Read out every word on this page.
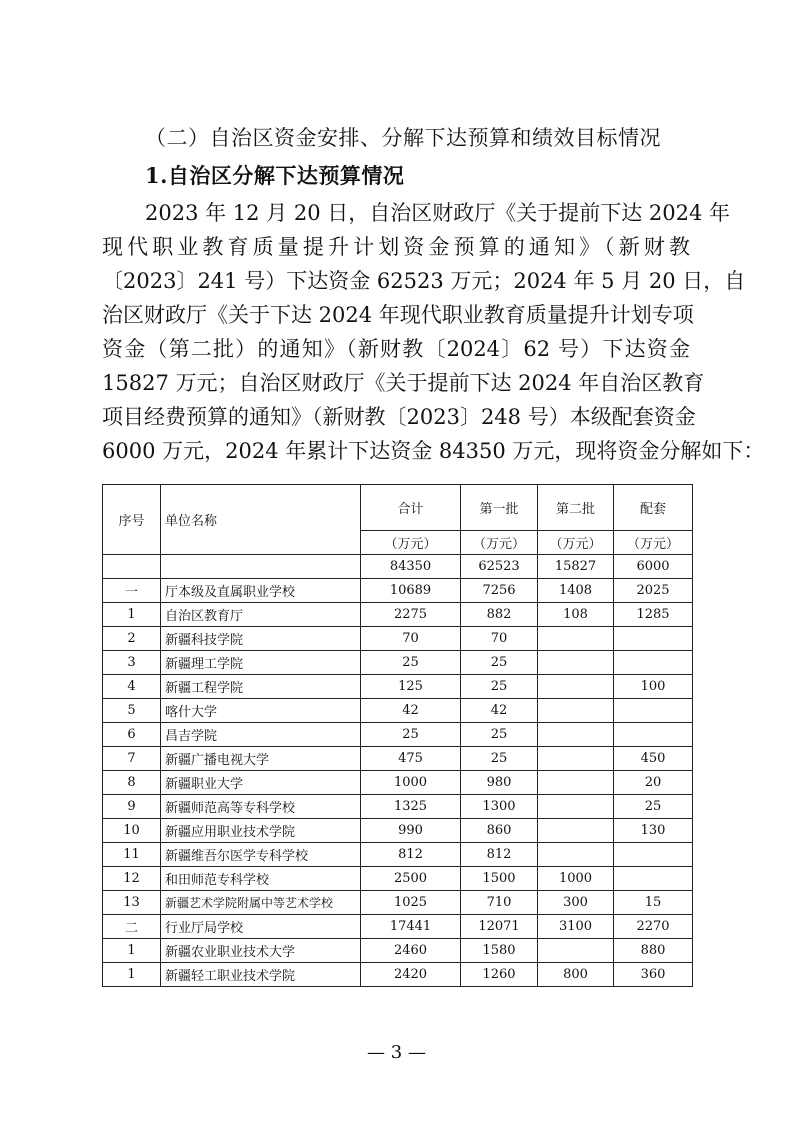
（二）自治区资金安排、分解下达预算和绩效目标情况
1.自治区分解下达预算情况
2023 年 12 月 20 日，自治区财政厅《关于提前下达 2024 年
现代职业教育质量提升计划资金预算的通知》（新财教
〔2023〕241 号）下达资金 62523 万元；2024 年 5 月 20 日，自
治区财政厅《关于下达 2024 年现代职业教育质量提升计划专项
资金（第二批）的通知》（新财教〔2024〕62 号）下达资金
15827 万元；自治区财政厅《关于提前下达 2024 年自治区教育
项目经费预算的通知》（新财教〔2023〕248 号）本级配套资金
6000 万元，2024 年累计下达资金 84350 万元，现将资金分解如下：
序号	单位名称	合计	第一批	第二批	配套
		（万元）	（万元）	（万元）	（万元）
		84350	62523	15827	6000
一	厅本级及直属职业学校	10689	7256	1408	2025
1	自治区教育厅	2275	882	108	1285
2	新疆科技学院	70	70		
3	新疆理工学院	25	25		
4	新疆工程学院	125	25		100
5	喀什大学	42	42		
6	昌吉学院	25	25		
7	新疆广播电视大学	475	25		450
8	新疆职业大学	1000	980		20
9	新疆师范高等专科学校	1325	1300		25
10	新疆应用职业技术学院	990	860		130
11	新疆维吾尔医学专科学校	812	812		
12	和田师范专科学校	2500	1500	1000	
13	新疆艺术学院附属中等艺术学校	1025	710	300	15
二	行业厅局学校	17441	12071	3100	2270
1	新疆农业职业技术大学	2460	1580		880
1	新疆轻工职业技术学院	2420	1260	800	360
— 3 —
